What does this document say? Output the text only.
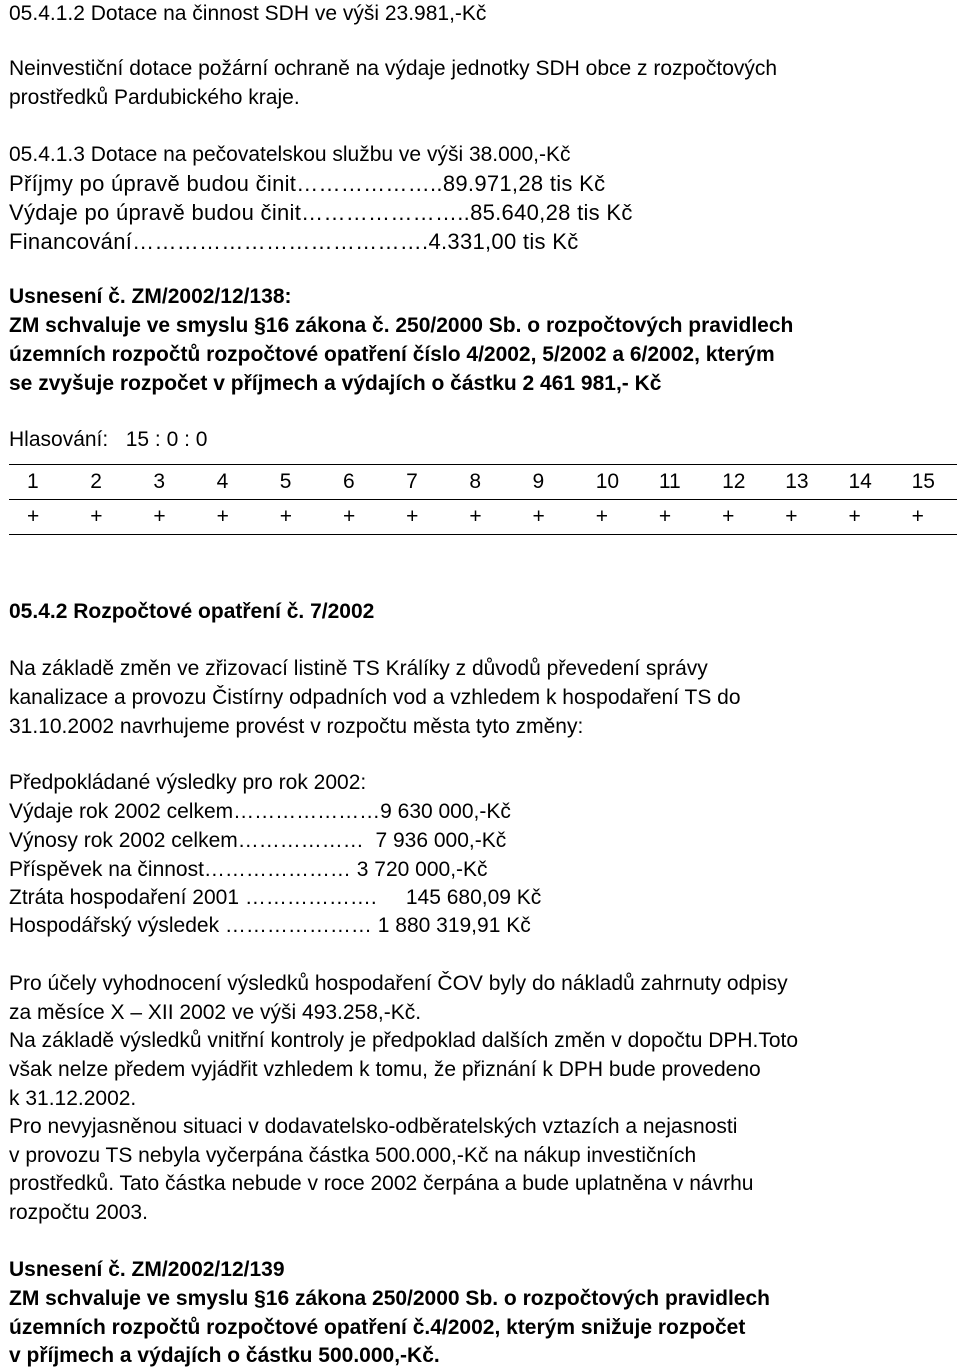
05.4.1.2 Dotace na činnost SDH ve výši 23.981,-Kč
Neinvestiční dotace požární ochraně na výdaje jednotky SDH obce z rozpočtových
prostředků Pardubického kraje.
05.4.1.3 Dotace na pečovatelskou službu ve výši 38.000,-Kč
Příjmy po úpravě budou činit………………..89.971,28 tis Kč
Výdaje po úpravě budou činit…………………..85.640,28 tis Kč
Financování………………………………….4.331,00 tis Kč
Usnesení č. ZM/2002/12/138:
ZM schvaluje ve smyslu §16 zákona č. 250/2000 Sb. o rozpočtových pravidlech
územních rozpočtů rozpočtové opatření číslo 4/2002, 5/2002 a 6/2002, kterým
se zvyšuje rozpočet v příjmech a výdajích o částku 2 461 981,- Kč
Hlasování:   15 : 0 : 0
1	2	3	4	5	6	7	8	9	10	11	12	13	14	15
+	+	+	+	+	+	+	+	+	+	+	+	+	+	+
05.4.2 Rozpočtové opatření č. 7/2002
Na základě změn ve zřizovací listině TS Králíky z důvodů převedení správy
kanalizace a provozu Čistírny odpadních vod a vzhledem k hospodaření TS do
31.10.2002 navrhujeme provést v rozpočtu města tyto změny:
Předpokládané výsledky pro rok 2002:
Výdaje rok 2002 celkem…………………9 630 000,-Kč
Výnosy rok 2002 celkem………………  7 936 000,-Kč
Příspěvek na činnost………………… 3 720 000,-Kč
Ztráta hospodaření 2001 ……………….     145 680,09 Kč
Hospodářský výsledek ………………… 1 880 319,91 Kč
Pro účely vyhodnocení výsledků hospodaření ČOV byly do nákladů zahrnuty odpisy
za měsíce X – XII 2002 ve výši 493.258,-Kč.
Na základě výsledků vnitřní kontroly je předpoklad dalších změn v dopočtu DPH.Toto
však nelze předem vyjádřit vzhledem k tomu, že přiznání k DPH bude provedeno
k 31.12.2002.
Pro nevyjasněnou situaci v dodavatelsko-odběratelských vztazích a nejasnosti
v provozu TS nebyla vyčerpána částka 500.000,-Kč na nákup investičních
prostředků. Tato částka nebude v roce 2002 čerpána a bude uplatněna v návrhu
rozpočtu 2003.
Usnesení č. ZM/2002/12/139
ZM schvaluje ve smyslu §16 zákona 250/2000 Sb. o rozpočtových pravidlech
územních rozpočtů rozpočtové opatření č.4/2002, kterým snižuje rozpočet
v příjmech a výdajích o částku 500.000,-Kč.
